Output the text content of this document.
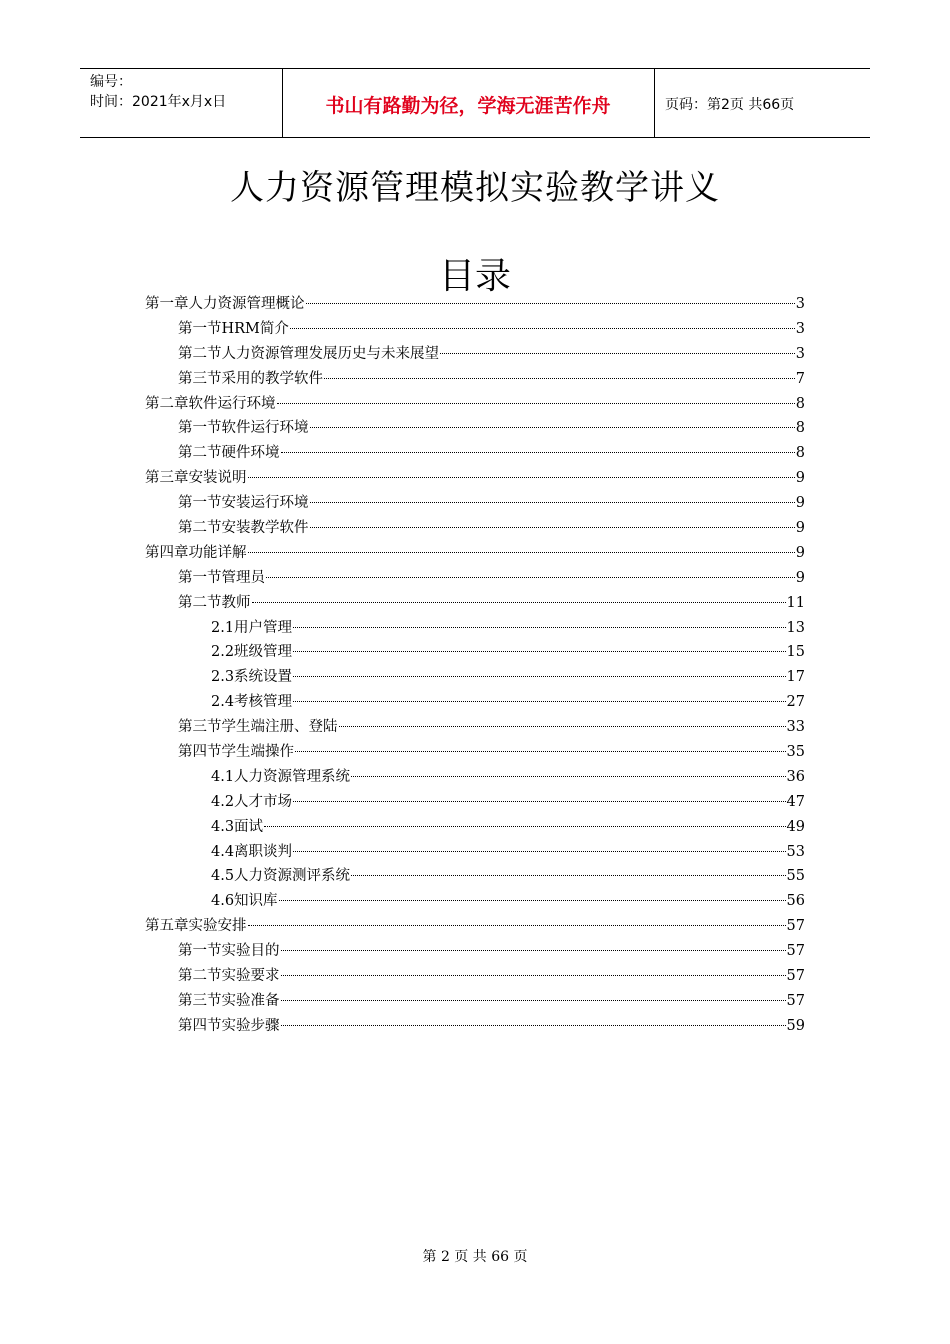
编号：
时间：2021年x月x日	书山有路勤为径，学海无涯苦作舟	页码：第2页 共66页
人力资源管理模拟实验教学讲义
目录
第一章人力资源管理概论	3
第一节HRM简介	3
第二节人力资源管理发展历史与未来展望	3
第三节采用的教学软件	7
第二章软件运行环境	8
第一节软件运行环境	8
第二节硬件环境	8
第三章安装说明	9
第一节安装运行环境	9
第二节安装教学软件	9
第四章功能详解	9
第一节管理员	9
第二节教师	11
2.1用户管理	13
2.2班级管理	15
2.3系统设置	17
2.4考核管理	27
第三节学生端注册、登陆	33
第四节学生端操作	35
4.1人力资源管理系统	36
4.2人才市场	47
4.3面试	49
4.4离职谈判	53
4.5人力资源测评系统	55
4.6知识库	56
第五章实验安排	57
第一节实验目的	57
第二节实验要求	57
第三节实验准备	57
第四节实验步骤	59
第 2 页 共 66 页
